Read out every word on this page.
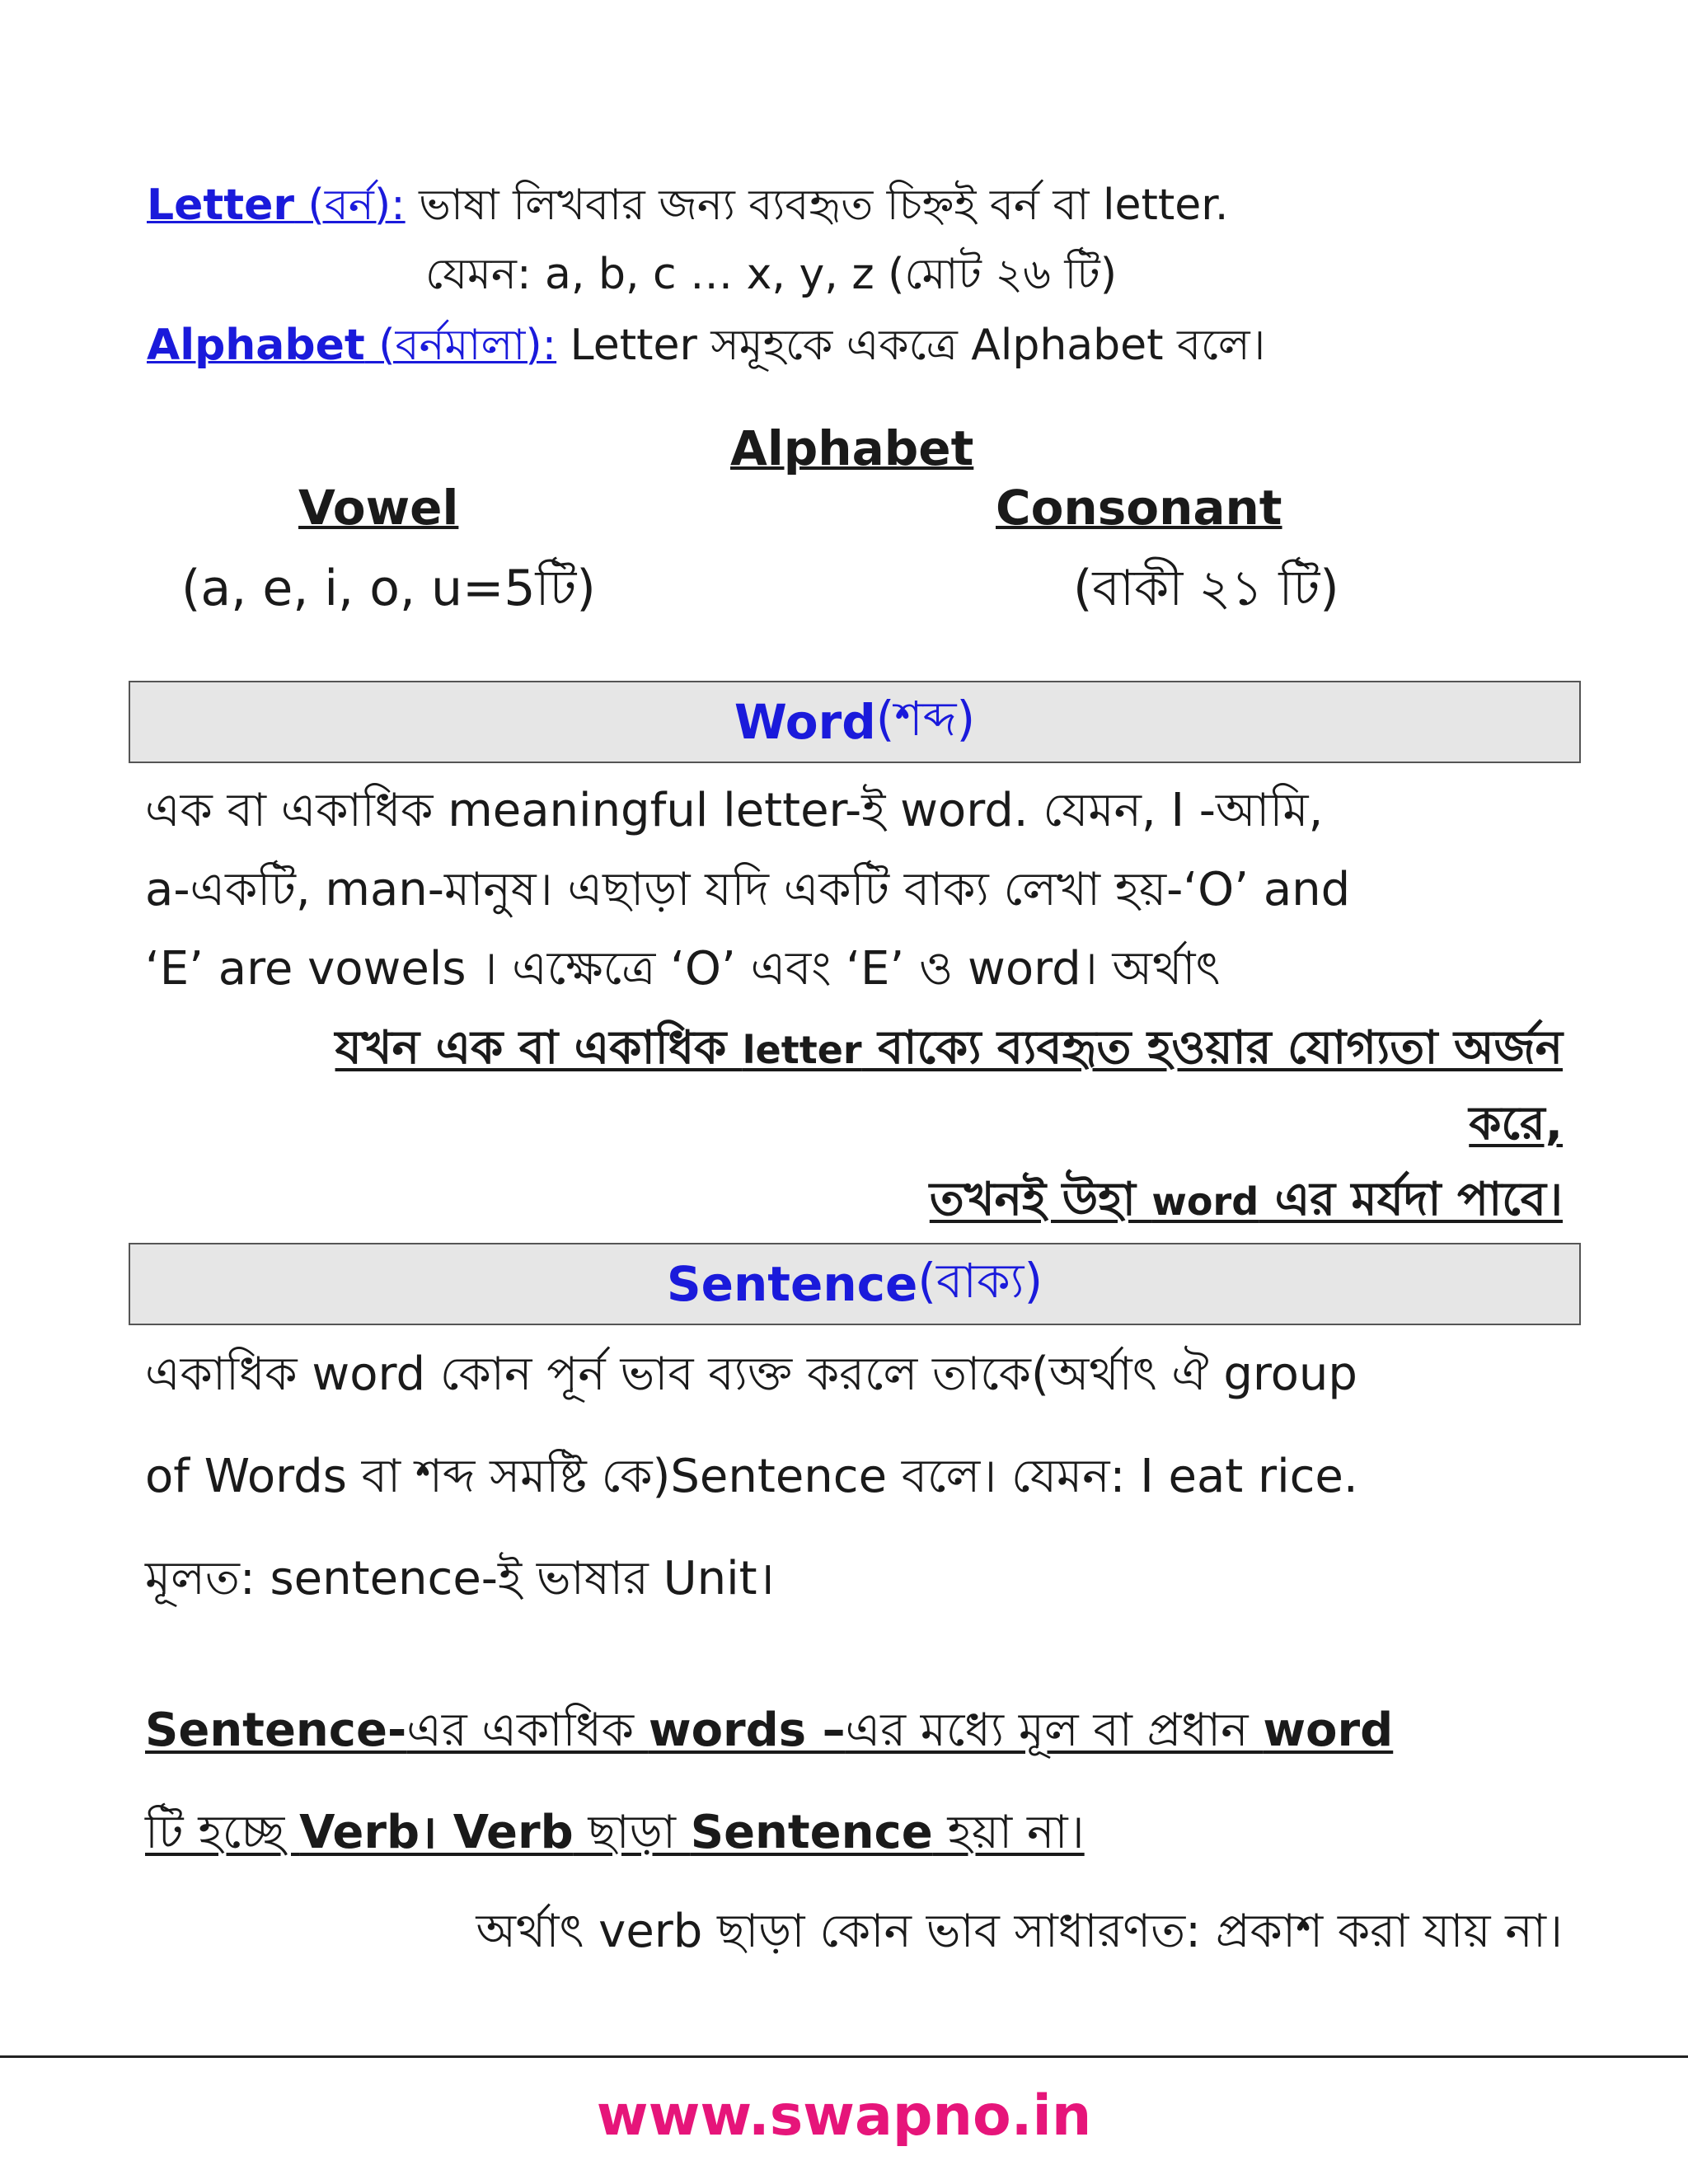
Letter (বর্ন): ভাষা লিখবার জন্য ব্যবহৃত চিহ্নই বর্ন বা letter.
যেমন: a, b, c … x, y, z (মোট ২৬ টি)
Alphabet (বর্নমালা): Letter সমূহকে একত্রে Alphabet বলে।
Alphabet
Vowel	Consonant
(a, e, i, o, u=5টি)	(বাকী ২১ টি)
Word (শব্দ)
এক বা একাধিক meaningful letter-ই word. যেমন, I -আমি,
a-একটি, man-মানুষ। এছাড়া যদি একটি বাক্য লেখা হয়-‘O’ and
‘E’ are vowels । এক্ষেত্রে ‘O’ এবং ‘E’ ও word। অর্থাৎ
যখন এক বা একাধিক letter বাক্যে ব্যবহৃত হওয়ার যোগ্যতা অর্জন
করে,
তখনই উহা word এর মর্যদা পাবে।
Sentence (বাক্য)
একাধিক word কোন পূর্ন ভাব ব্যক্ত করলে তাকে(অর্থাৎ ঐ group
of Words বা শব্দ সমষ্টি কে)Sentence বলে। যেমন: I eat rice.
মূলত: sentence-ই ভাষার Unit।
Sentence-এর একাধিক words –এর মধ্যে মূল বা প্রধান word
টি হচ্ছে Verb। Verb ছাড়া Sentence হয়া না।
অর্থাৎ verb ছাড়া কোন ভাব সাধারণত: প্রকাশ করা যায় না।
www.swapno.in
